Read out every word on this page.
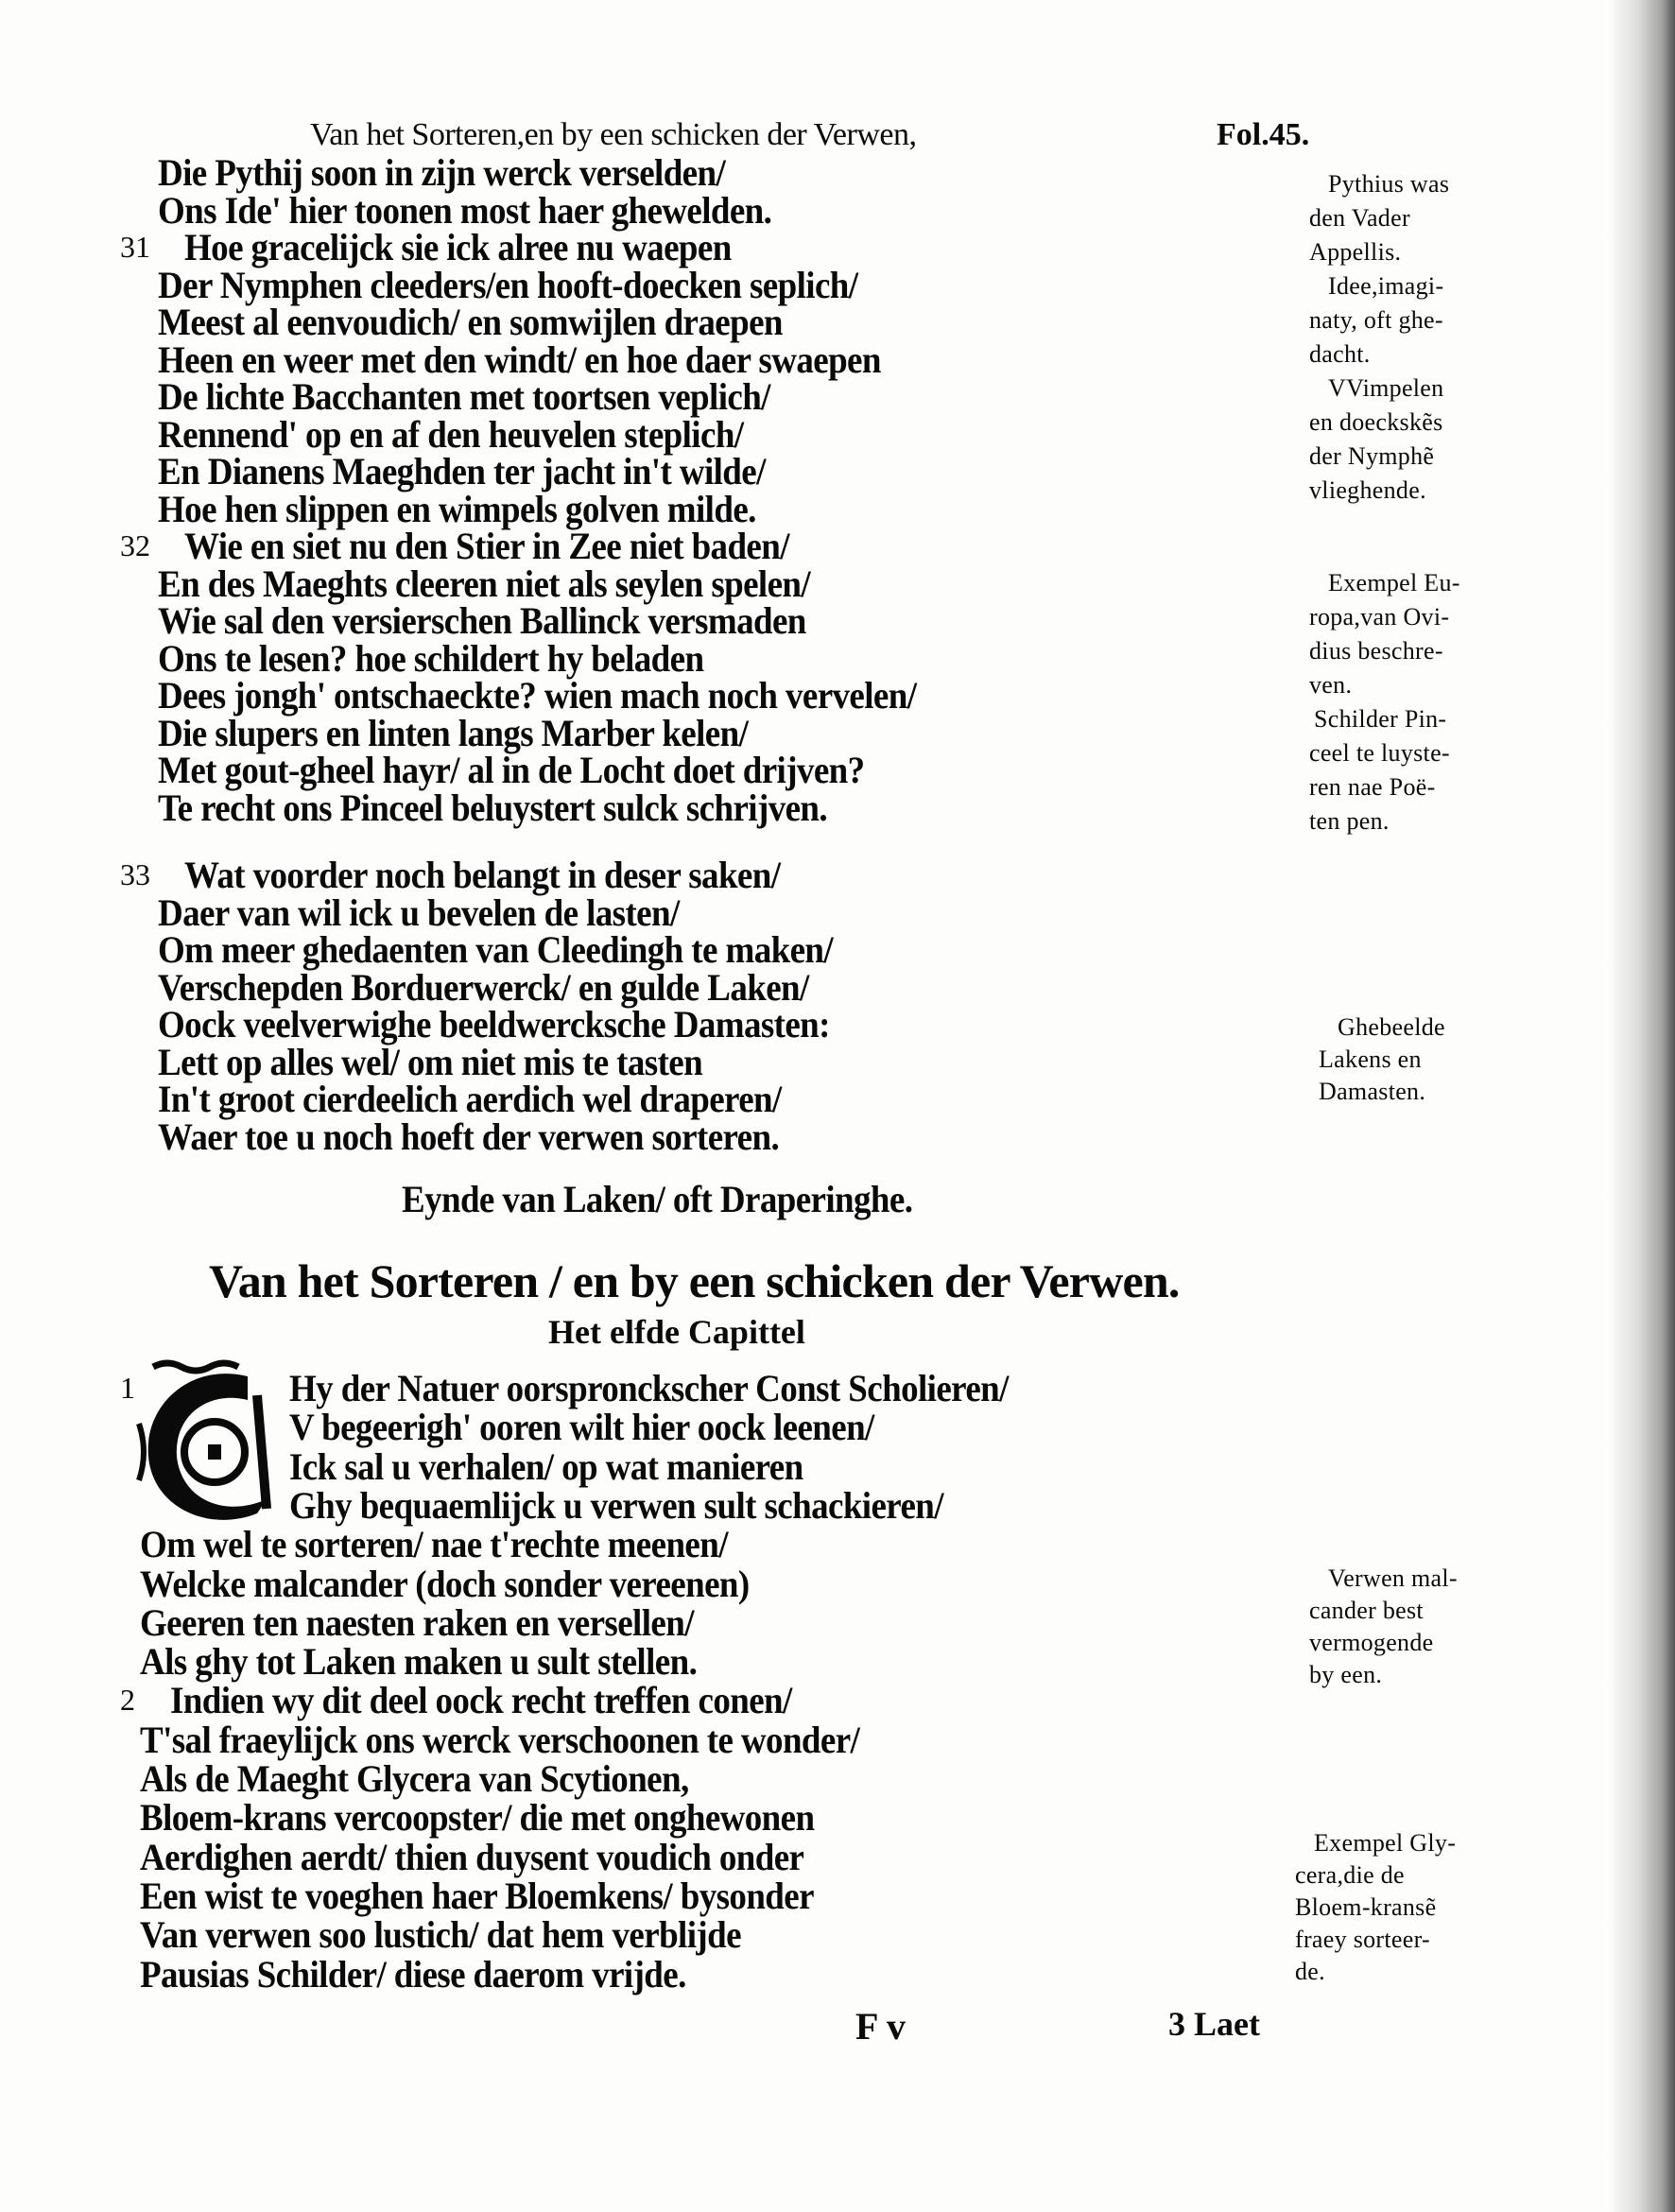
Van het Sorteren,en by een schicken der Verwen,	Fol.45.
Die Pythij soon in zijn werck verselden/
Ons Ide' hier toonen most haer ghewelden.
31 Hoe gracelijck sie ick alree nu waepen
Der Nymphen cleeders/en hooft-doecken seplich/
Meest al eenvoudich/ en somwijlen draepen
Heen en weer met den windt/ en hoe daer swaepen
De lichte Bacchanten met toortsen veplich/
Rennend' op en af den heuvelen steplich/
En Dianens Maeghden ter jacht in't wilde/
Hoe hen slippen en wimpels golven milde.
32 Wie en siet nu den Stier in Zee niet baden/
En des Maeghts cleeren niet als seylen spelen/
Wie sal den versierschen Ballinck versmaden
Ons te lesen? hoe schildert hy beladen
Dees jongh' ontschaeckte? wien mach noch vervelen/
Die slupers en linten langs Marber kelen/
Met gout-gheel hayr/ al in de Locht doet drijven?
Te recht ons Pinceel beluystert sulck schrijven.
33 Wat voorder noch belangt in deser saken/
Daer van wil ick u bevelen de lasten/
Om meer ghedaenten van Cleedingh te maken/
Verschepden Borduerwerck/ en gulde Laken/
Oock veelverwighe beeldwercksche Damasten:
Lett op alles wel/ om niet mis te tasten
In't groot cierdeelich aerdich wel draperen/
Waer toe u noch hoeft der verwen sorteren.
Eynde van Laken/ oft Draperinghe.
Van het Sorteren / en by een schicken der Verwen.
Het elfde Capittel
1	Hy der Natuer oorspronckscher Const Scholieren/
V begeerigh' ooren wilt hier oock leenen/
Ick sal u verhalen/ op wat manieren
Ghy bequaemlijck u verwen sult schackieren/
Om wel te sorteren/ nae t'rechte meenen/
Welcke malcander (doch sonder vereenen)
Geeren ten naesten raken en versellen/
Als ghy tot Laken maken u sult stellen.
2 Indien wy dit deel oock recht treffen conen/
T'sal fraeylijck ons werck verschoonen te wonder/
Als de Maeght Glycera van Scytionen,
Bloem-krans vercoopster/ die met onghewonen
Aerdighen aerdt/ thien duysent voudich onder
Een wist te voeghen haer Bloemkens/ bysonder
Van verwen soo lustich/ dat hem verblijde
Pausias Schilder/ diese daerom vrijde.
Pythius was
den Vader
Appellis.
Idee,imagi-
naty, oft ghe-
dacht.
VVimpelen
en doeckskẽs
der Nymphẽ
vlieghende.
Exempel Eu-
ropa,van Ovi-
dius beschre-
ven.
Schilder Pin-
ceel te luyste-
ren nae Poë-
ten pen.
Ghebeelde
Lakens en
Damasten.
Verwen mal-
cander best
vermogende
by een.
Exempel Gly-
cera,die de
Bloem-kransẽ
fraey sorteer-
de.
F v	3 Laet
